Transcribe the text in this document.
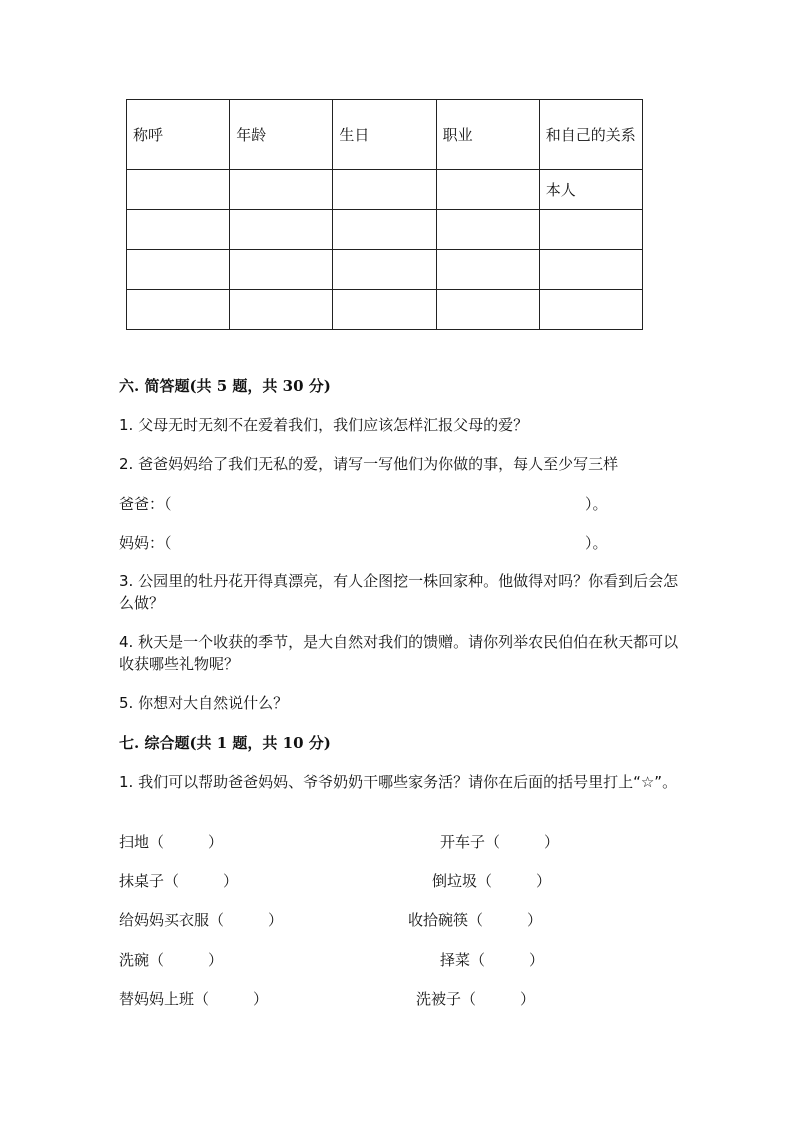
称呼	年龄	生日	职业	和自己的关系
				本人

六. 简答题(共 5 题，共 30 分)
1. 父母无时无刻不在爱着我们，我们应该怎样汇报父母的爱？
2. 爸爸妈妈给了我们无私的爱，请写一写他们为你做的事，每人至少写三样
爸爸：（	）。
妈妈：（	）。
3. 公园里的牡丹花开得真漂亮，有人企图挖一株回家种。他做得对吗？你看到后会怎么做？
4. 秋天是一个收获的季节，是大自然对我们的馈赠。请你列举农民伯伯在秋天都可以收获哪些礼物呢？
5. 你想对大自然说什么？
七. 综合题(共 1 题，共 10 分)
1. 我们可以帮助爸爸妈妈、爷爷奶奶干哪些家务活？请你在后面的括号里打上“☆”。
扫地（	）	开车子（	）
抹桌子（	）	倒垃圾（	）
给妈妈买衣服（	）	收拾碗筷（	）
洗碗（	）	择菜（	）
替妈妈上班（	）	洗被子（	）
